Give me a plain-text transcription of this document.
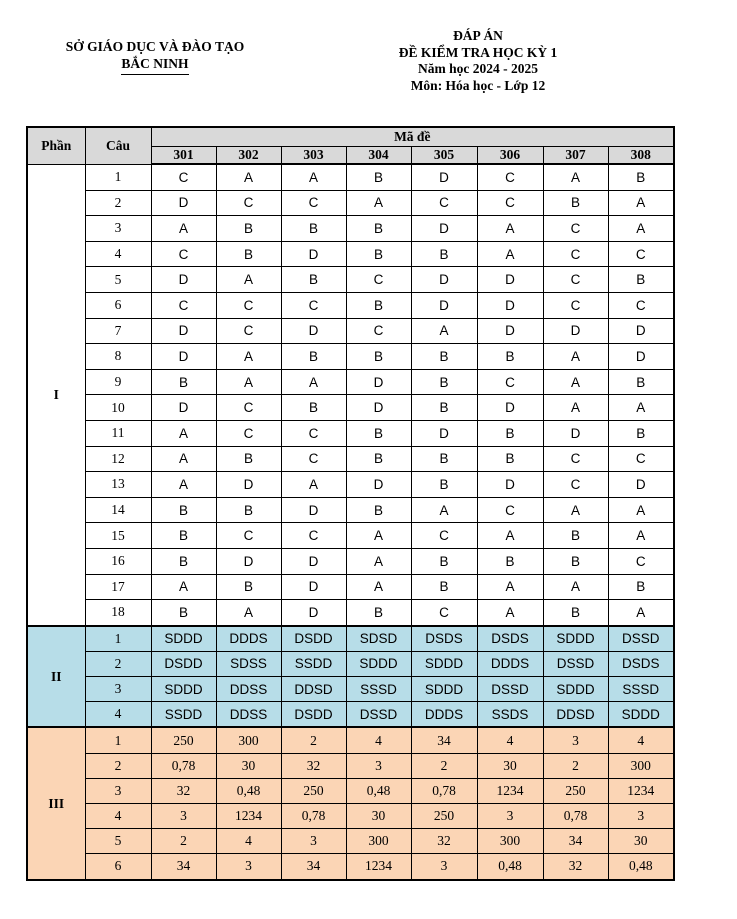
SỞ GIÁO DỤC VÀ ĐÀO TẠO
BẮC NINH
ĐÁP ÁN
ĐỀ KIỂM TRA HỌC KỲ 1
Năm học 2024 - 2025
Môn: Hóa học - Lớp 12
Phần	Câu	Mã đề							
		301	302	303	304	305	306	307	308
I	1	C	A	A	B	D	C	A	B
	2	D	C	C	A	C	C	B	A
	3	A	B	B	B	D	A	C	A
	4	C	B	D	B	B	A	C	C
	5	D	A	B	C	D	D	C	B
	6	C	C	C	B	D	D	C	C
	7	D	C	D	C	A	D	D	D
	8	D	A	B	B	B	B	A	D
	9	B	A	A	D	B	C	A	B
	10	D	C	B	D	B	D	A	A
	11	A	C	C	B	D	B	D	B
	12	A	B	C	B	B	B	C	C
	13	A	D	A	D	B	D	C	D
	14	B	B	D	B	A	C	A	A
	15	B	C	C	A	C	A	B	A
	16	B	D	D	A	B	B	B	C
	17	A	B	D	A	B	A	A	B
	18	B	A	D	B	C	A	B	A
II	1	SDDD	DDDS	DSDD	SDSD	DSDS	DSDS	SDDD	DSSD
	2	DSDD	SDSS	SSDD	SDDD	SDDD	DDDS	DSSD	DSDS
	3	SDDD	DDSS	DDSD	SSSD	SDDD	DSSD	SDDD	SSSD
	4	SSDD	DDSS	DSDD	DSSD	DDDS	SSDS	DDSD	SDDD
III	1	250	300	2	4	34	4	3	4
	2	0,78	30	32	3	2	30	2	300
	3	32	0,48	250	0,48	0,78	1234	250	1234
	4	3	1234	0,78	30	250	3	0,78	3
	5	2	4	3	300	32	300	34	30
	6	34	3	34	1234	3	0,48	32	0,48
